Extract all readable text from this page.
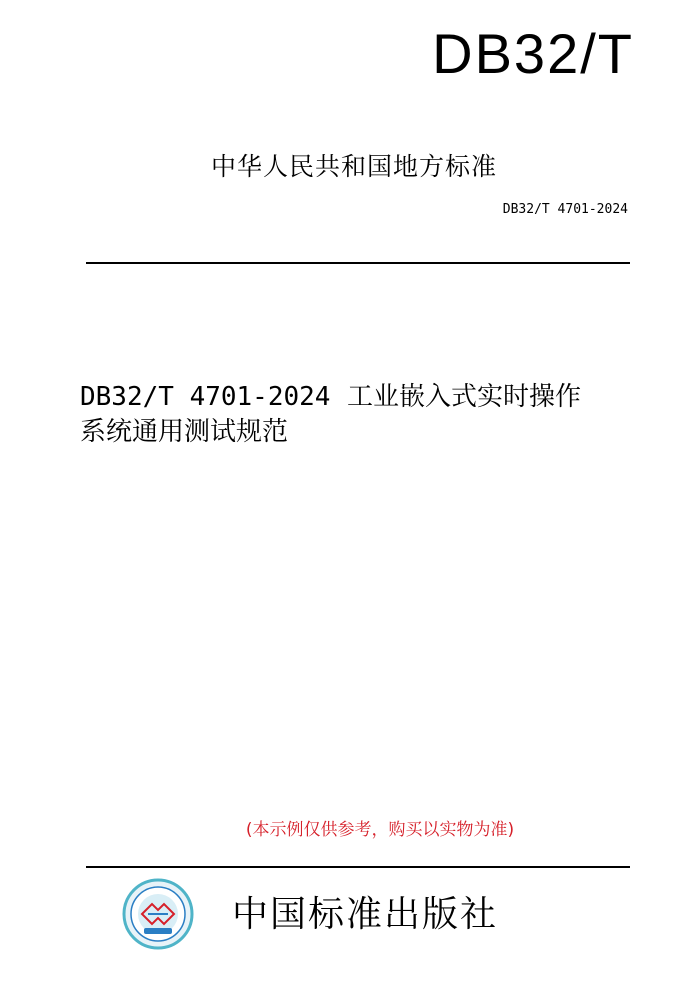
DB32/T
中华人民共和国地方标准
DB32/T 4701-2024
DB32/T 4701-2024 工业嵌入式实时操作
系统通用测试规范
(本示例仅供参考，购买以实物为准)
中国标准出版社
